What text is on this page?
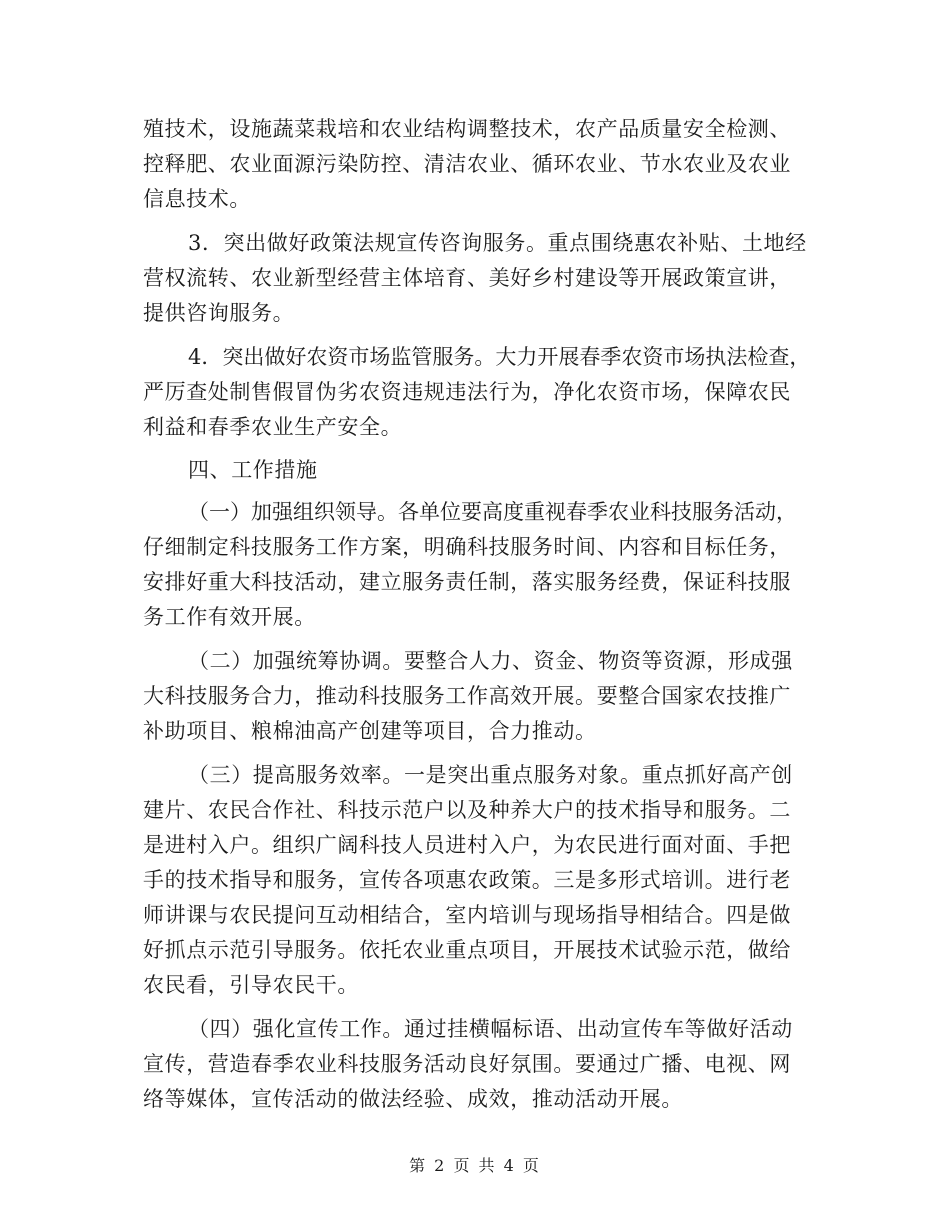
殖技术，设施蔬菜栽培和农业结构调整技术，农产品质量安全检测、
控释肥、农业面源污染防控、清洁农业、循环农业、节水农业及农业
信息技术。
3．突出做好政策法规宣传咨询服务。重点围绕惠农补贴、土地经
营权流转、农业新型经营主体培育、美好乡村建设等开展政策宣讲，
提供咨询服务。
4．突出做好农资市场监管服务。大力开展春季农资市场执法检查，
严厉查处制售假冒伪劣农资违规违法行为，净化农资市场，保障农民
利益和春季农业生产安全。
四、工作措施
（一）加强组织领导。各单位要高度重视春季农业科技服务活动，
仔细制定科技服务工作方案，明确科技服务时间、内容和目标任务，
安排好重大科技活动，建立服务责任制，落实服务经费，保证科技服
务工作有效开展。
（二）加强统筹协调。要整合人力、资金、物资等资源，形成强
大科技服务合力，推动科技服务工作高效开展。要整合国家农技推广
补助项目、粮棉油高产创建等项目，合力推动。
（三）提高服务效率。一是突出重点服务对象。重点抓好高产创
建片、农民合作社、科技示范户以及种养大户的技术指导和服务。二
是进村入户。组织广阔科技人员进村入户，为农民进行面对面、手把
手的技术指导和服务，宣传各项惠农政策。三是多形式培训。进行老
师讲课与农民提问互动相结合，室内培训与现场指导相结合。四是做
好抓点示范引导服务。依托农业重点项目，开展技术试验示范，做给
农民看，引导农民干。
（四）强化宣传工作。通过挂横幅标语、出动宣传车等做好活动
宣传，营造春季农业科技服务活动良好氛围。要通过广播、电视、网
络等媒体，宣传活动的做法经验、成效，推动活动开展。
第 2 页 共 4 页
